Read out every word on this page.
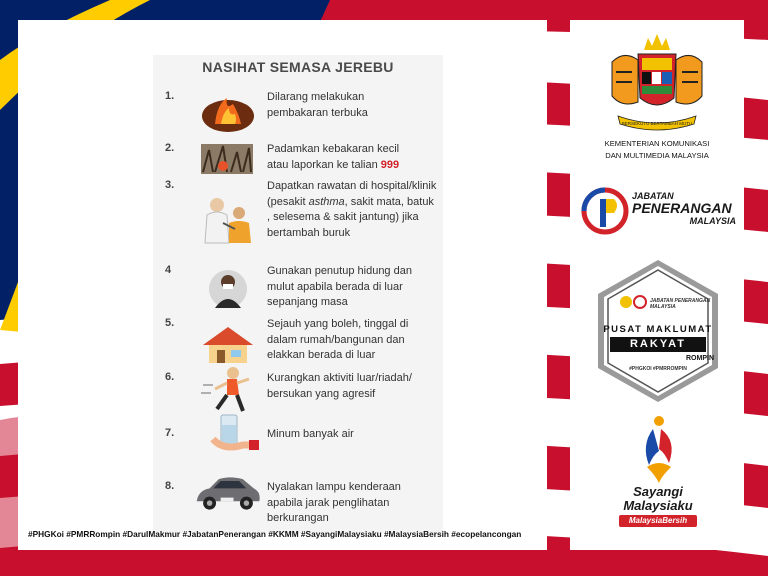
NASIHAT SEMASA JEREBU
1.	Dilarang melakukan
pembakaran terbuka
2.	Padamkan kebakaran kecil
atau laporkan ke talian 999
3.	Dapatkan rawatan di hospital/klinik (pesakit asthma, sakit mata, batuk , selesema & sakit jantung) jika bertambah buruk
4	Gunakan penutup hidung dan mulut apabila berada di luar sepanjang masa
5.	Sejauh yang boleh, tinggal di dalam rumah/bangunan dan elakkan berada di luar
6.	Kurangkan aktiviti luar/riadah/ bersukan yang agresif
7.	Minum banyak air
8.	Nyalakan lampu kenderaan apabila jarak penglihatan berkurangan
#PHGKoi #PMRRompin #DarulMakmur #JabatanPenerangan #KKMM #SayangiMalaysiaku #MalaysiaBersih #ecopelancongan
BERSEKUTU BERTAMBAH MUTU
KEMENTERIAN KOMUNIKASI
DAN MULTIMEDIA MALAYSIA
JABATAN
PENERANGAN
MALAYSIA
JABATAN PENERANGAN MALAYSIA
PUSAT MAKLUMAT
RAKYAT
ROMPIN
#PHGKOI #PMRROMPIN
Sayangi
Malaysiaku
MalaysiaBersih
